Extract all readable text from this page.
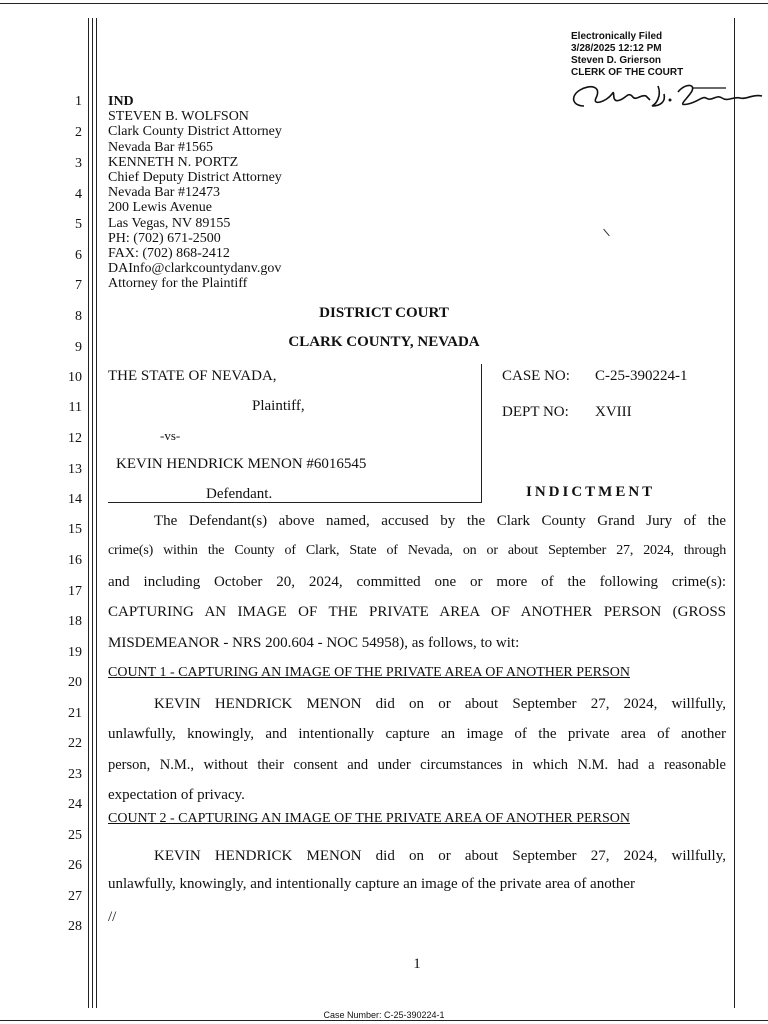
Electronically Filed
3/28/2025 12:12 PM
Steven D. Grierson
CLERK OF THE COURT
1
2
3
4
5
6
7
8
9
10
11
12
13
14
15
16
17
18
19
20
21
22
23
24
25
26
27
28
IND
STEVEN B. WOLFSON
Clark County District Attorney
Nevada Bar #1565
KENNETH N. PORTZ
Chief Deputy District Attorney
Nevada Bar #12473
200 Lewis Avenue
Las Vegas, NV 89155
PH: (702) 671-2500
FAX: (702) 868-2412
DAInfo@clarkcountydanv.gov
Attorney for the Plaintiff
DISTRICT COURT
CLARK COUNTY, NEVADA
THE STATE OF NEVADA,
Plaintiff,
-vs-
KEVIN HENDRICK MENON #6016545
Defendant.
CASE NO: C-25-390224-1
DEPT NO: XVIII
INDICTMENT
The Defendant(s) above named, accused by the Clark County Grand Jury of the
crime(s) within the County of Clark, State of Nevada, on or about September 27, 2024, through
and including October 20, 2024, committed one or more of the following crime(s):
CAPTURING AN IMAGE OF THE PRIVATE AREA OF ANOTHER PERSON (GROSS
MISDEMEANOR - NRS 200.604 - NOC 54958), as follows, to wit:
COUNT 1 - CAPTURING AN IMAGE OF THE PRIVATE AREA OF ANOTHER PERSON
KEVIN HENDRICK MENON did on or about September 27, 2024, willfully,
unlawfully, knowingly, and intentionally capture an image of the private area of another
person, N.M., without their consent and under circumstances in which N.M. had a reasonable
expectation of privacy.
COUNT 2 - CAPTURING AN IMAGE OF THE PRIVATE AREA OF ANOTHER PERSON
KEVIN HENDRICK MENON did on or about September 27, 2024, willfully,
unlawfully, knowingly, and intentionally capture an image of the private area of another
//
1
Case Number: C-25-390224-1
